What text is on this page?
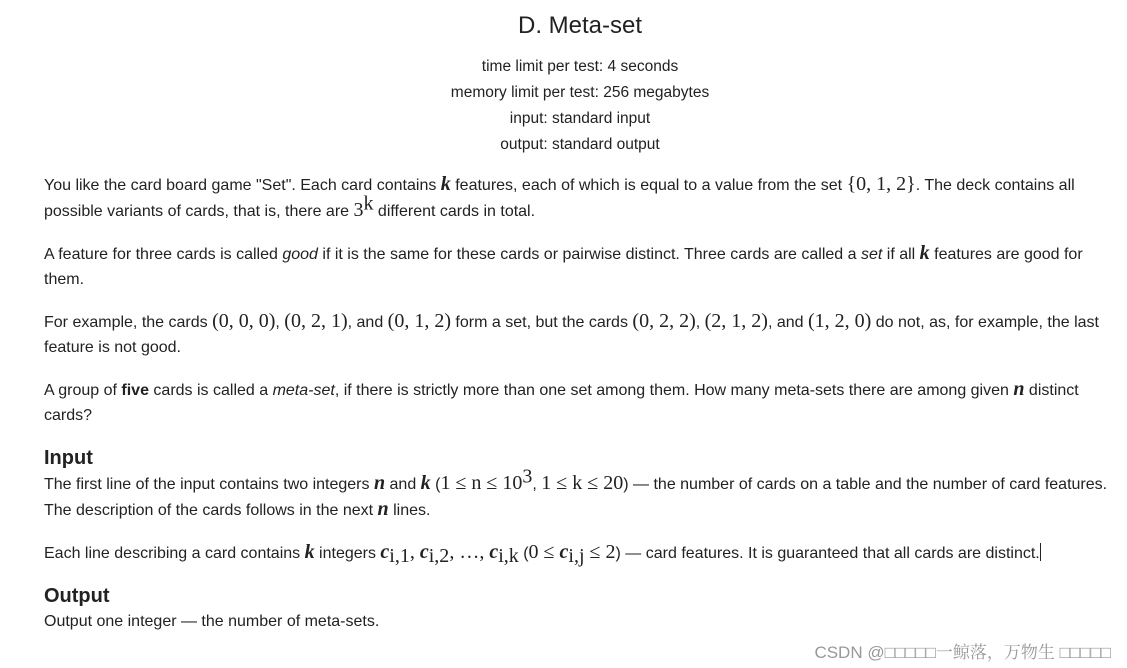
D. Meta-set
time limit per test: 4 seconds
memory limit per test: 256 megabytes
input: standard input
output: standard output

You like the card board game "Set". Each card contains k features, each of which is equal to a value from the set {0, 1, 2}. The deck contains all possible variants of cards, that is, there are 3$^k$ different cards in total.

A feature for three cards is called good if it is the same for these cards or pairwise distinct. Three cards are called a set if all k features are good for them.

For example, the cards (0, 0, 0), (0, 2, 1), and (0, 1, 2) form a set, but the cards (0, 2, 2), (2, 1, 2), and (1, 2, 0) do not, as, for example, the last feature is not good.

A group of five cards is called a meta-set, if there is strictly more than one set among them. How many meta-sets there are among given n distinct cards?

Input

The first line of the input contains two integers n and k ($1 \le n \le 10^3$, 1 ≤ k ≤ 20) — the number of cards on a table and the number of card features. The description of the cards follows in the next n lines.

Each line describing a card contains k integers $c_{i,1}$, $c_{i,2}$, …, $c_{i,k}$ $(0 \le c_{i,j} \le 2)$ — card features. It is guaranteed that all cards are distinct.

Output

Output one integer — the number of meta-sets.

CSDN @□□□□□一鲸落，万物生 □□□□□
